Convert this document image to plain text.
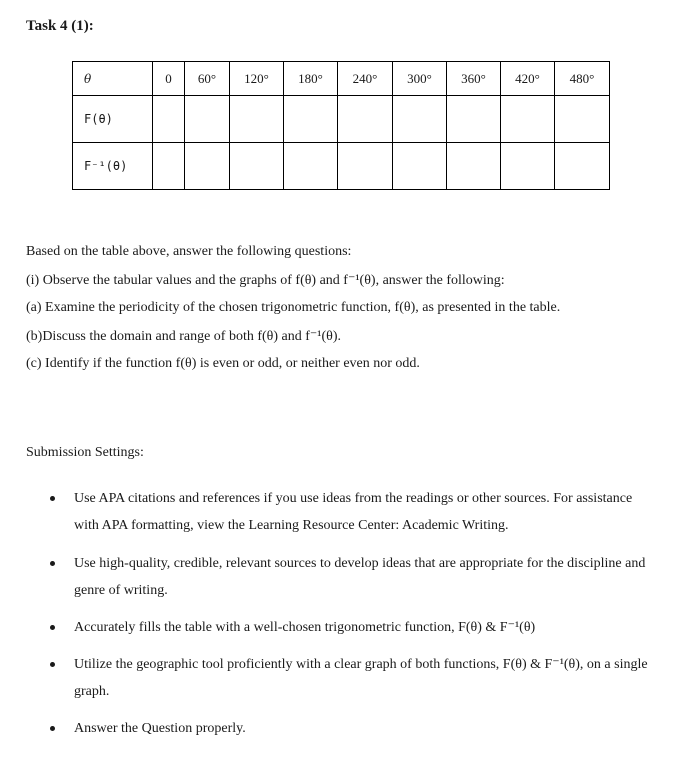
Task 4 (1):
θ	0	60°	120°	180°	240°	300°	360°	420°	480°
F(θ)									
F⁻¹(θ)									
Based on the table above, answer the following questions:
(i) Observe the tabular values and the graphs of f(θ) and f⁻¹(θ), answer the following:
(a) Examine the periodicity of the chosen trigonometric function, f(θ), as presented in the table.
(b)Discuss the domain and range of both f(θ) and f⁻¹(θ).
(c) Identify if the function f(θ) is even or odd, or neither even nor odd.
Submission Settings:
Use APA citations and references if you use ideas from the readings or other sources. For assistance with APA formatting, view the Learning Resource Center: Academic Writing.
Use high-quality, credible, relevant sources to develop ideas that are appropriate for the discipline and genre of writing.
Accurately fills the table with a well-chosen trigonometric function, F(θ) & F⁻¹(θ)
Utilize the geographic tool proficiently with a clear graph of both functions, F(θ) & F⁻¹(θ), on a single graph.
Answer the Question properly.
